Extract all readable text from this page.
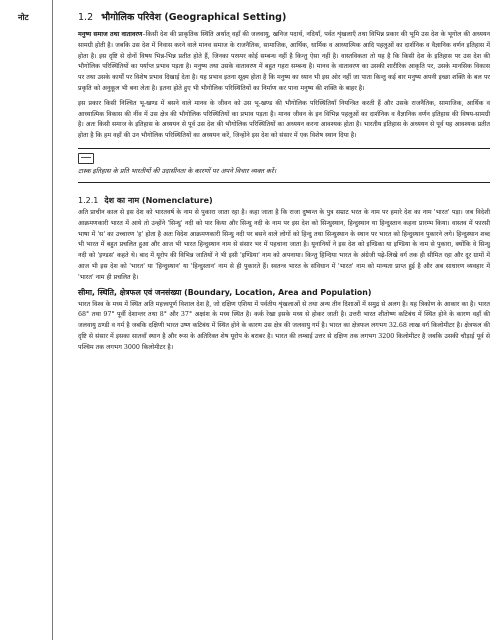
नोट	1.2 भौगोलिक परिवेश (Geographical Setting)

मनुष्य समाज तथा वातावरण–किसी देश की प्राकृतिक स्थिति अर्थात् वहाँ की जलवायु, खनिज पदार्थ, नदियाँ, पर्वत शृंखलाएँ तथा विभिन्न प्रकार की भूमि उस देश के भूगोल की अध्ययन सामग्री होती है। जबकि उस देश में निवास करने वाले मानव समाज के राजनैतिक, सामाजिक, आर्थिक, धार्मिक व आध्यात्मिक आदि पहलुओं का दार्शनिक व वैज्ञानिक वर्णन इतिहास में होता है। इस दृष्टि से दोनों विषय भिन्न-भिन्न प्रतीत होते हैं, जिनका परस्पर कोई सम्बन्ध नहीं है किन्तु ऐसा नहीं है। वास्तविकता तो यह है कि किसी देश के इतिहास पर उस देश की भौगोलिक परिस्थितियों का पर्याप्त प्रभाव पड़ता है। मनुष्य तथा उसके वातावरण में बहुत गहरा सम्बन्ध है। मानव के वातावरण का उसकी शारीरिक आकृति पर, उसके मानसिक विकास पर तथा उसके कार्यों पर विशेष प्रभाव दिखाई देता है। यह प्रभाव इतना सूक्ष्म होता है कि मनुष्य का ध्यान भी इस ओर नहीं जा पाता किन्तु कई बार मनुष्य अपनी इच्छा शक्ति के बल पर प्रकृति को अनुकूल भी बना लेता है। इतना होते हुए भी भौगोलिक परिस्थितियों का निर्माण कर पाना मनुष्य की शक्ति के बाहर है।

इस प्रकार किसी निश्चित भू-खण्ड में बसने वाले मानव के जीवन को उस भू-खण्ड की भौगोलिक परिस्थितियाँ नियन्त्रित करती हैं और उसके राजनैतिक, सामाजिक, आर्थिक व आध्यात्मिक विकास की नींव में उस क्षेत्र की भौगोलिक परिस्थितियों का प्रभाव पड़ता है। मानव जीवन के इन विभिन्न पहलुओं का दार्शनिक व वैज्ञानिक वर्णन इतिहास की विषय-सामग्री है। अतः किसी समाज के इतिहास के अध्ययन से पूर्व उस देश की भौगोलिक परिस्थितियों का अध्ययन करना आवश्यक होता है। भारतीय इतिहास के अध्ययन से पूर्व यह आवश्यक प्रतीत होता है कि हम वहाँ की उन भौगोलिक परिस्थितियों का अध्ययन करें, जिन्होंने इस देश को संसार में एक विशेष स्थान दिया है।

टास्क इतिहास के प्रति भारतीयों की उदासीनता के कारणों पर अपने विचार व्यक्त करें।
1.2.1 देश का नाम (Nomenclature)

अति प्राचीन काल से इस देश को भारतवर्ष के नाम से पुकारा जाता रहा है। कहा जाता है कि राजा दुष्यन्त के पुत्र सम्राट भरत के नाम पर हमारे देश का नाम 'भारत' पड़ा। जब विदेशी आक्रमणकारी भारत में आये तो उन्होंने 'सिन्धु' नदी को पार किया और सिन्धु नदी के नाम पर इस देश को सिन्धुस्थान, हिन्दुस्थान या हिन्दुस्तान कहना प्रारम्भ किया। वास्तव में फारसी भाषा में 'स' का उच्चारण 'ह' होता है अतः विदेश आक्रमणकारी सिन्धु नदी पर बसने वाले लोगों को हिन्दु तथा सिन्धुस्थान के स्थान पर भारत को हिन्दुस्थान पुकारने लगे। हिन्दुस्थान शब्द भी भारत में बहुत प्रचलित हुआ और आज भी भारत हिन्दुस्थान नाम से संसार भर में पहचाना जाता है। यूनानियों ने इस देश को इण्डिका या इण्डिया के नाम से पुकारा, क्योंकि वे सिन्धु नदी को 'इण्डस' कहते थे। बाद में यूरोप की विभिन्न जातियों ने भी इसी 'इण्डिया' नाम को अपनाया। किन्तु हिन्दिया भारत के अंग्रेजी पढ़े-लिखे वर्ग तक ही सीमित रहा और दूर ग्रामों में आज भी इस देश को 'भारत' या 'हिन्दुस्थान' या 'हिन्दुस्तान' नाम से ही पुकारते हैं। स्वतन्त्र भारत के संविधान में 'भारत' नाम को मान्यता प्राप्त हुई है और अब साधारण व्यवहार में 'भारत' नाम ही प्रचलित है।

सीमा, स्थिति, क्षेत्रफल एवं जनसंख्या (Boundary, Location, Area and Population)

भारत विश्व के मध्य में स्थित अति महत्त्वपूर्ण विशाल देश है, जो दक्षिण एशिया में पर्वतीय शृंखलाओं से तथा अन्य तीन दिशाओं में समुद्र से अलग है। यह त्रिकोण के आकार का है। भारत 68° तथा 97° पूर्वी देशान्तर तथा 8° और 37° अक्षांश के मध्य स्थित है। कर्क रेखा इसके मध्य से होकर जाती है। उत्तरी भारत शीतोष्ण कटिबंध में स्थित होने के कारण वहाँ की जलवायु ठण्डी व गर्म है जबकि दक्षिणी भारत उष्ण कटिबंध में स्थित होने के कारण उस क्षेत्र की जलवायु गर्म है। भारत का क्षेत्रफल लगभग 32.68 लाख वर्ग किलोमीटर है। क्षेत्रफल की दृष्टि से संसार में इसका सातवाँ स्थान है और रूस के अतिरिक्त शेष यूरोप के बराबर है। भारत की लम्बाई उत्तर से दक्षिण तक लगभग 3200 किलोमीटर है जबकि उसकी चौड़ाई पूर्व से पश्चिम तक लगभग 3000 किलोमीटर है।
